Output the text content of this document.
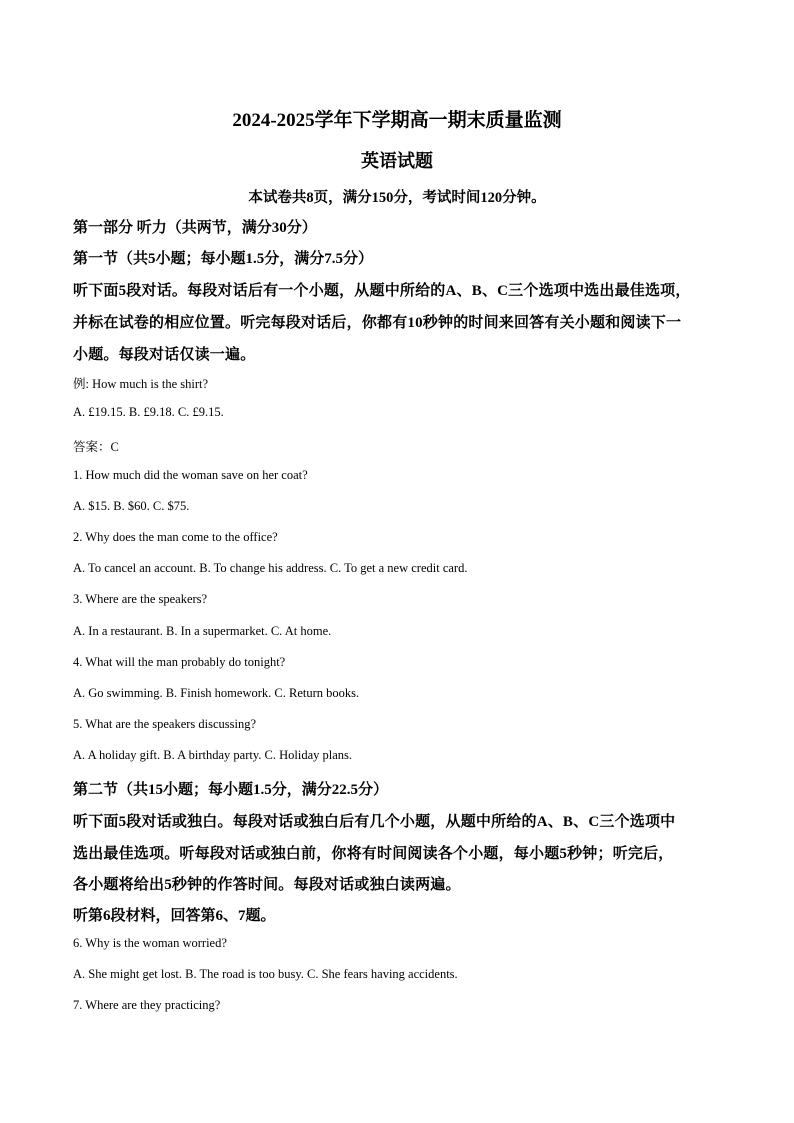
2024-2025学年下学期高一期末质量监测

英语试题

本试卷共8页，满分150分，考试时间120分钟。

第一部分 听力（共两节，满分30分）

第一节（共5小题；每小题1.5分，满分7.5分）

听下面5段对话。每段对话后有一个小题，从题中所给的A、B、C三个选项中选出最佳选项，

并标在试卷的相应位置。听完每段对话后，你都有10秒钟的时间来回答有关小题和阅读下一

小题。每段对话仅读一遍。

例: How much is the shirt?

A. £19.15. B. £9.18. C. £9.15.

答案：C

1. How much did the woman save on her coat?

A. $15. B. $60. C. $75.

2. Why does the man come to the office?

A. To cancel an account. B. To change his address. C. To get a new credit card.

3. Where are the speakers?

A. In a restaurant. B. In a supermarket. C. At home.

4. What will the man probably do tonight?

A. Go swimming. B. Finish homework. C. Return books.

5. What are the speakers discussing?

A. A holiday gift. B. A birthday party. C. Holiday plans.

第二节（共15小题；每小题1.5分，满分22.5分）

听下面5段对话或独白。每段对话或独白后有几个小题，从题中所给的A、B、C三个选项中

选出最佳选项。听每段对话或独白前，你将有时间阅读各个小题，每小题5秒钟；听完后，

各小题将给出5秒钟的作答时间。每段对话或独白读两遍。

听第6段材料，回答第6、7题。

6. Why is the woman worried?

A. She might get lost. B. The road is too busy. C. She fears having accidents.

7. Where are they practicing?
